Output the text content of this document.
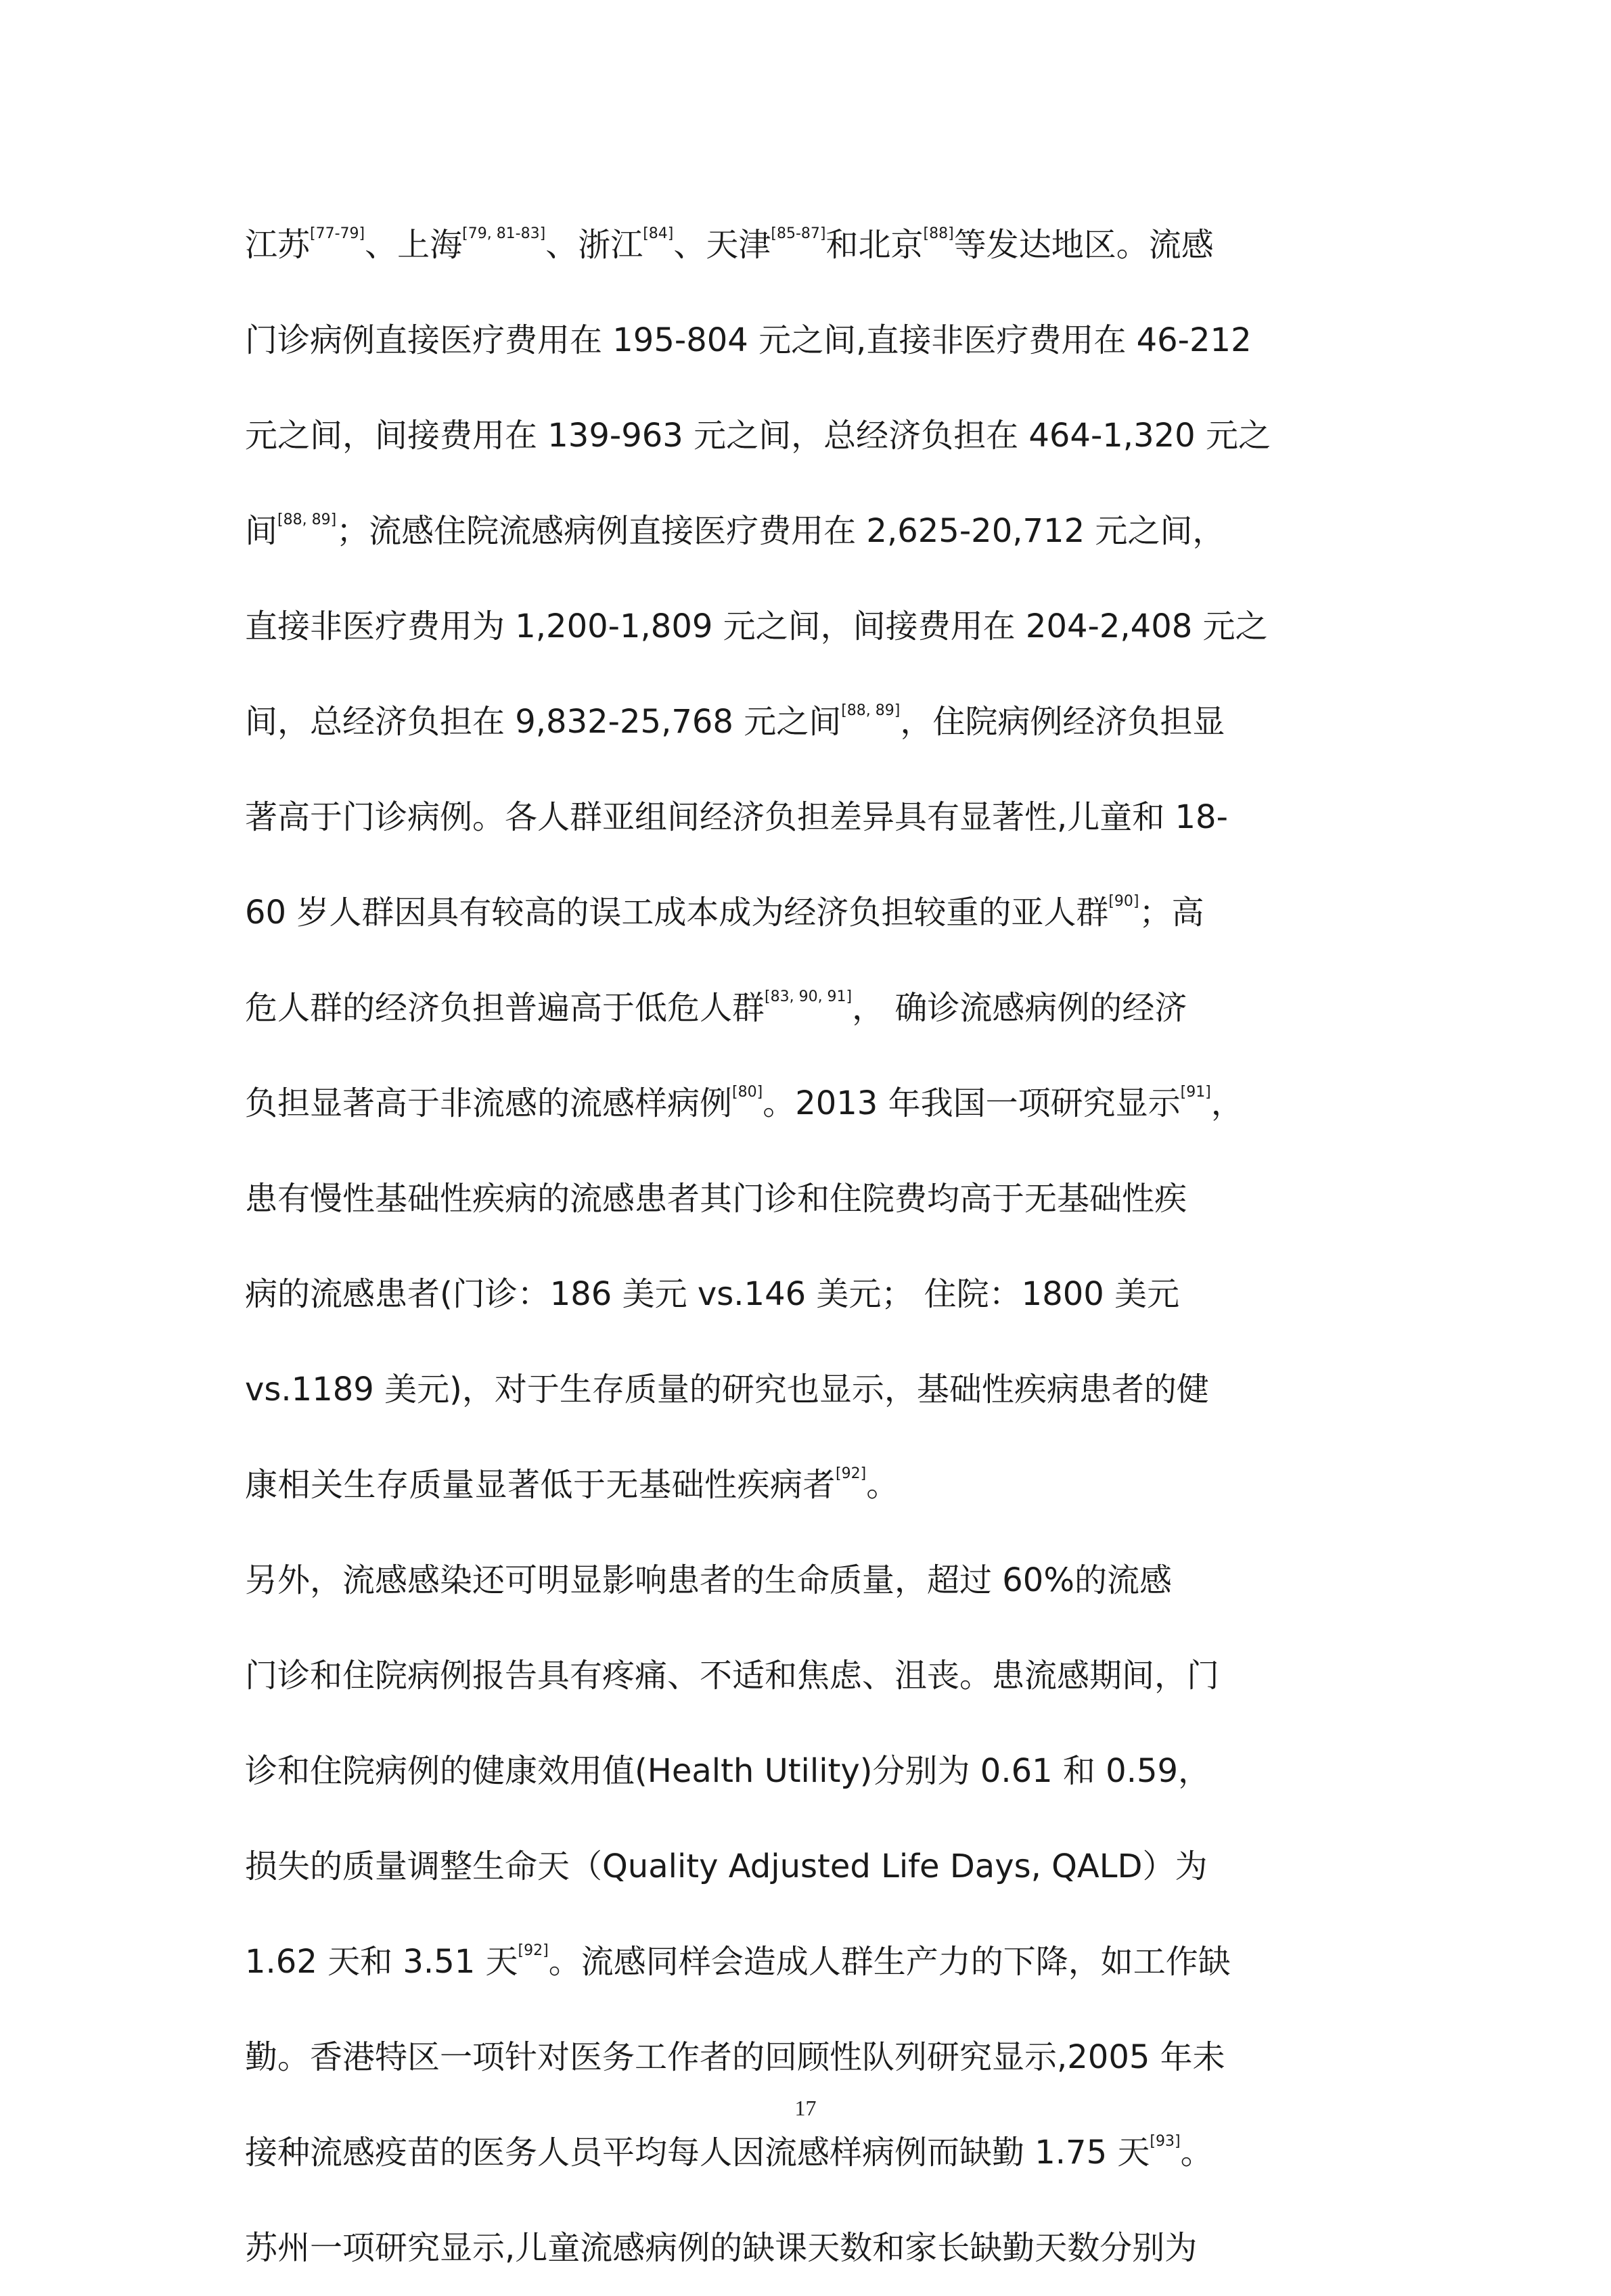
江苏[77-79]、上海[79, 81-83]、浙江[84]、天津[85-87]和北京[88]等发达地区。流感
门诊病例直接医疗费用在 195-804 元之间,直接非医疗费用在 46-212
元之间，间接费用在 139-963 元之间，总经济负担在 464-1,320 元之
间[88, 89]；流感住院流感病例直接医疗费用在 2,625-20,712 元之间，
直接非医疗费用为 1,200-1,809 元之间，间接费用在 204-2,408 元之
间，总经济负担在 9,832-25,768 元之间[88, 89]，住院病例经济负担显
著高于门诊病例。各人群亚组间经济负担差异具有显著性,儿童和 18-
60 岁人群因具有较高的误工成本成为经济负担较重的亚人群[90]；高
危人群的经济负担普遍高于低危人群[83, 90, 91]， 确诊流感病例的经济
负担显著高于非流感的流感样病例[80]。2013 年我国一项研究显示[91]，
患有慢性基础性疾病的流感患者其门诊和住院费均高于无基础性疾
病的流感患者(门诊：186 美元 vs.146 美元； 住院：1800 美元
vs.1189 美元)，对于生存质量的研究也显示，基础性疾病患者的健
康相关生存质量显著低于无基础性疾病者[92]。
另外，流感感染还可明显影响患者的生命质量，超过 60%的流感
门诊和住院病例报告具有疼痛、不适和焦虑、沮丧。患流感期间，门
诊和住院病例的健康效用值(Health Utility)分别为 0.61 和 0.59，
损失的质量调整生命天（Quality Adjusted Life Days, QALD）为
1.62 天和 3.51 天[92]。流感同样会造成人群生产力的下降，如工作缺
勤。香港特区一项针对医务工作者的回顾性队列研究显示,2005 年未
接种流感疫苗的医务人员平均每人因流感样病例而缺勤 1.75 天[93]。
苏州一项研究显示,儿童流感病例的缺课天数和家长缺勤天数分别为
17
